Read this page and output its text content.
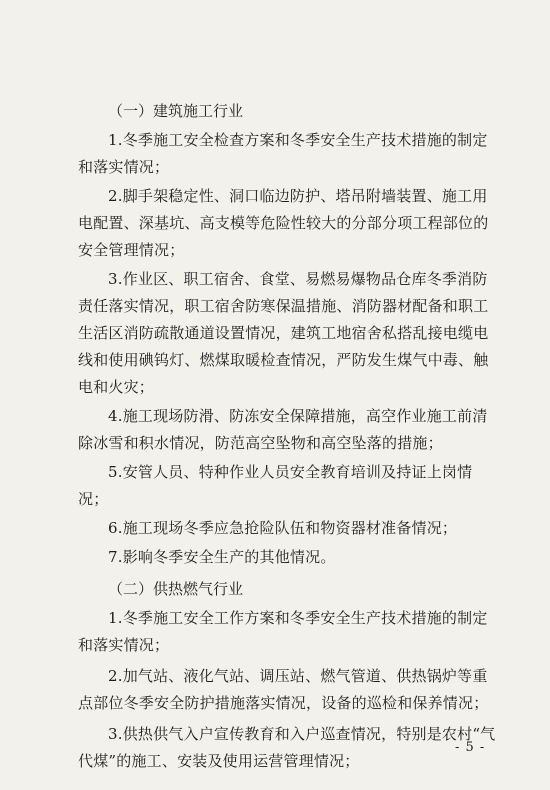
（一）建筑施工行业

1.冬季施工安全检查方案和冬季安全生产技术措施的制定和落实情况；

2.脚手架稳定性、洞口临边防护、塔吊附墙装置、施工用电配置、深基坑、高支模等危险性较大的分部分项工程部位的安全管理情况；

3.作业区、职工宿舍、食堂、易燃易爆物品仓库冬季消防责任落实情况，职工宿舍防寒保温措施、消防器材配备和职工生活区消防疏散通道设置情况，建筑工地宿舍私搭乱接电缆电线和使用碘钨灯、燃煤取暖检查情况，严防发生煤气中毒、触电和火灾；

4.施工现场防滑、防冻安全保障措施，高空作业施工前清除冰雪和积水情况，防范高空坠物和高空坠落的措施；

5.安管人员、特种作业人员安全教育培训及持证上岗情况；

6.施工现场冬季应急抢险队伍和物资器材准备情况；

7.影响冬季安全生产的其他情况。

（二）供热燃气行业

1.冬季施工安全工作方案和冬季安全生产技术措施的制定和落实情况；

2.加气站、液化气站、调压站、燃气管道、供热锅炉等重点部位冬季安全防护措施落实情况，设备的巡检和保养情况；

3.供热供气入户宣传教育和入户巡查情况，特别是农村“气代煤”的施工、安装及使用运营管理情况；

- 5 -
